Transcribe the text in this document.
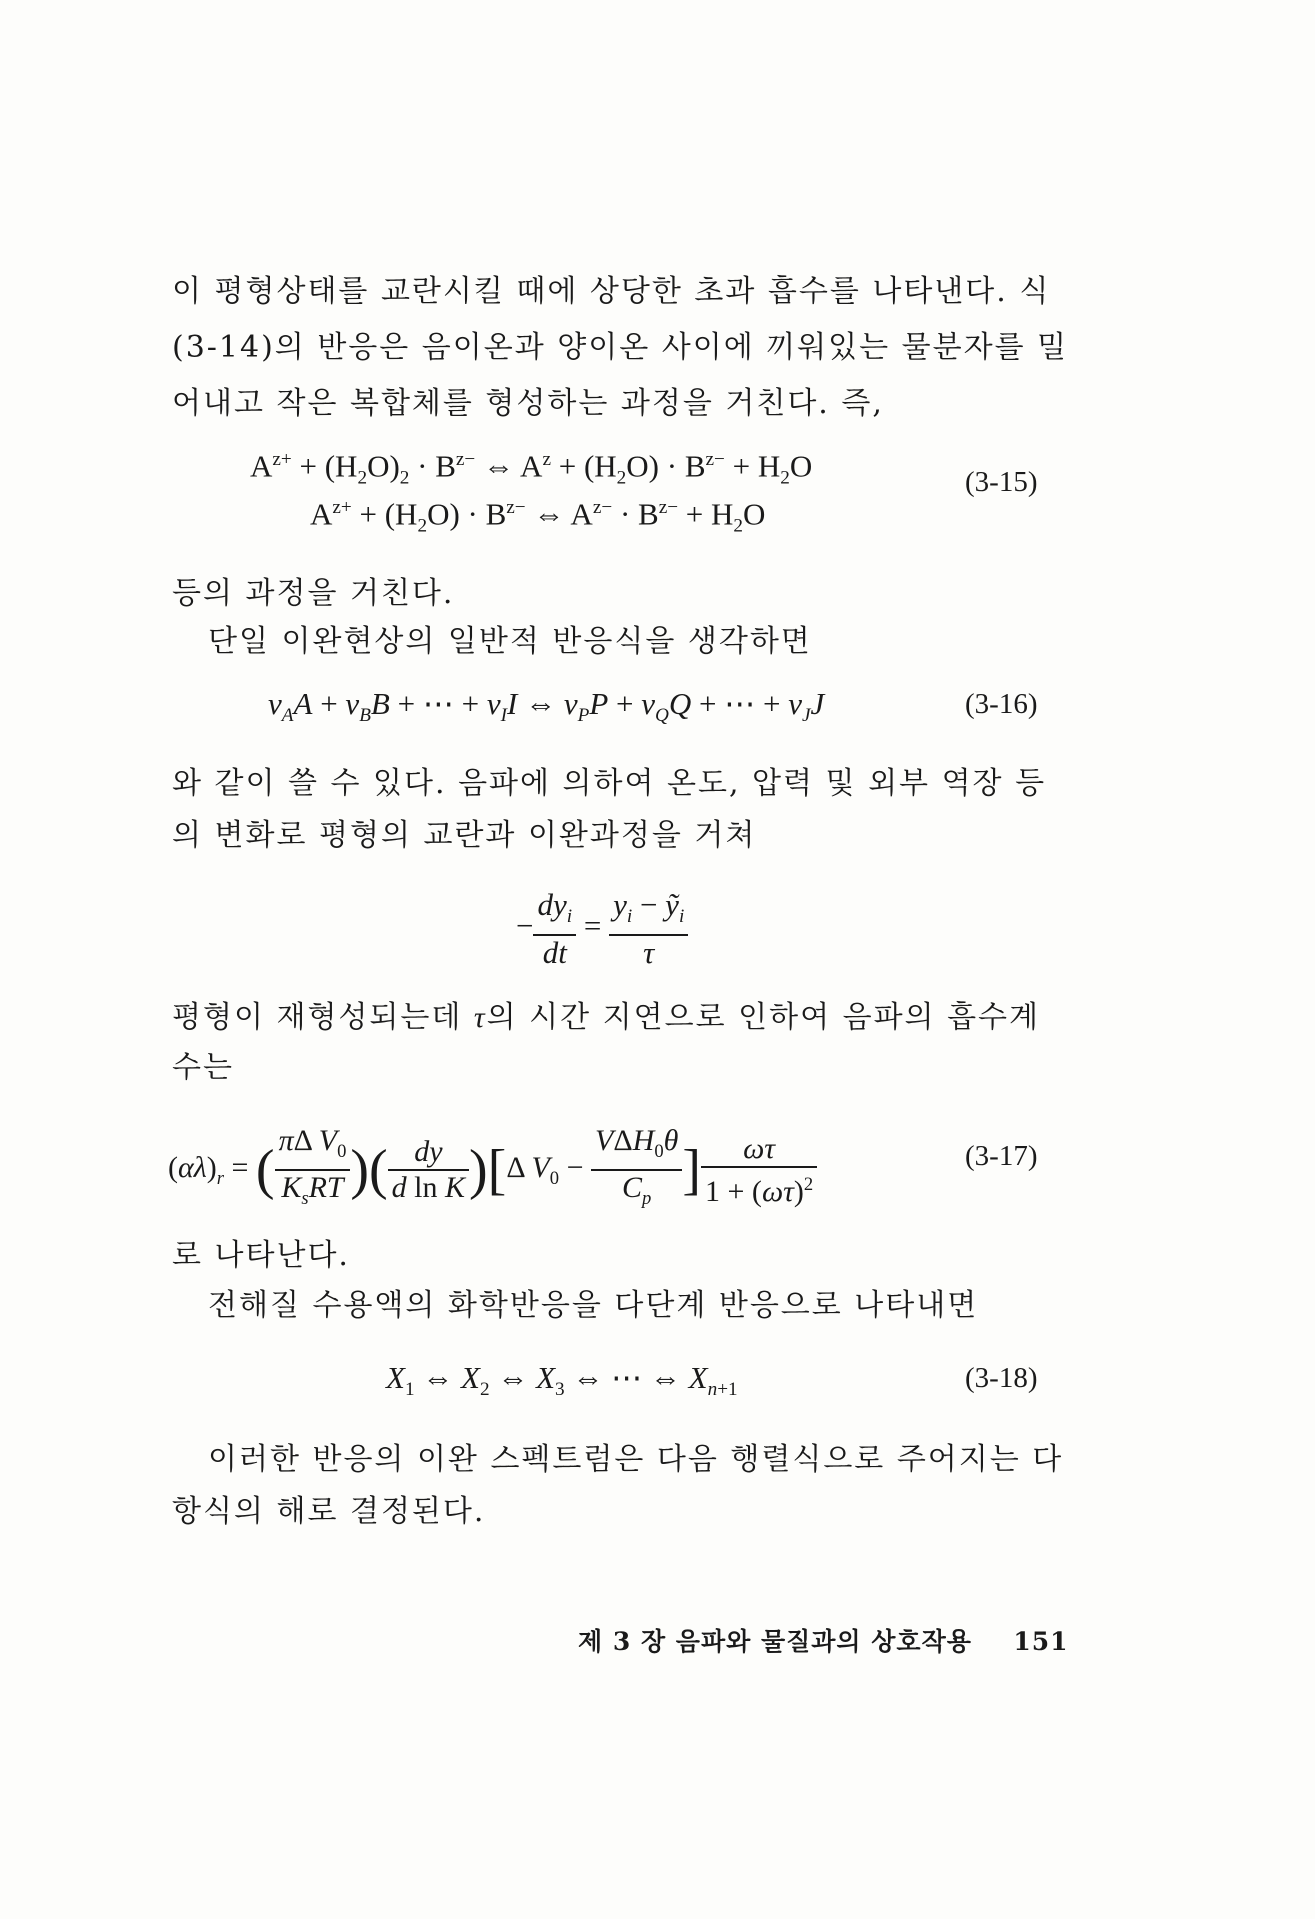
이 평형상태를 교란시킬 때에 상당한 초과 흡수를 나타낸다. 식

(3-14)의 반응은 음이온과 양이온 사이에 끼워있는 물분자를 밀

어내고 작은 복합체를 형성하는 과정을 거친다. 즉,

$A^{z+} + (H_2O)_2 \cdot B^{z-}$ ⇔ $A^z + (H_2O) \cdot B^{z-} + H_2O$
$A^{z+} + (H_2O) \cdot B^{z-}$ ⇔ $A^{z-} \cdot B^{z-} + H_2O$
(3-15)

등의 과정을 거친다.

단일 이완현상의 일반적 반응식을 생각하면

$\nu_AA + \nu_BB$ + ⋯ + $\nu_II$ ⇔ $\nu_PP + \nu_QQ$ + ⋯ + $\nu_JJ$	(3-16)

와 같이 쓸 수 있다. 음파에 의하여 온도, 압력 및 외부 역장 등

의 변화로 평형의 교란과 이완과정을 거쳐

− $\frac{dy_i}{dt} = \frac{y_i - ỹ_i}{\tau}$

평형이 재형성되는데 τ의 시간 지연으로 인하여 음파의 흡수계

수는

$(\alpha\lambda)_r$ = ( $\frac{\pi\Delta V_0}{K_sRT}$ )( $\frac{dy}{\text{d ln K}} )[\Delta$ $V_0 - \frac{V\Delta H_0\theta}{C_p}$ ] $\frac{\omega\tau}{1 + (\omega\tau)^2}$	(3-17)

로 나타난다.

전해질 수용액의 화학반응을 다단계 반응으로 나타내면

$X_1$ ⇔ $X_2$ ⇔ $X_3$ ⇔ ⋯ ⇔ $X_{n+1}$	(3-18)

이러한 반응의 이완 스펙트럼은 다음 행렬식으로 주어지는 다

항식의 해로 결정된다.

제 3 장 음파와 물질과의 상호작용 151
